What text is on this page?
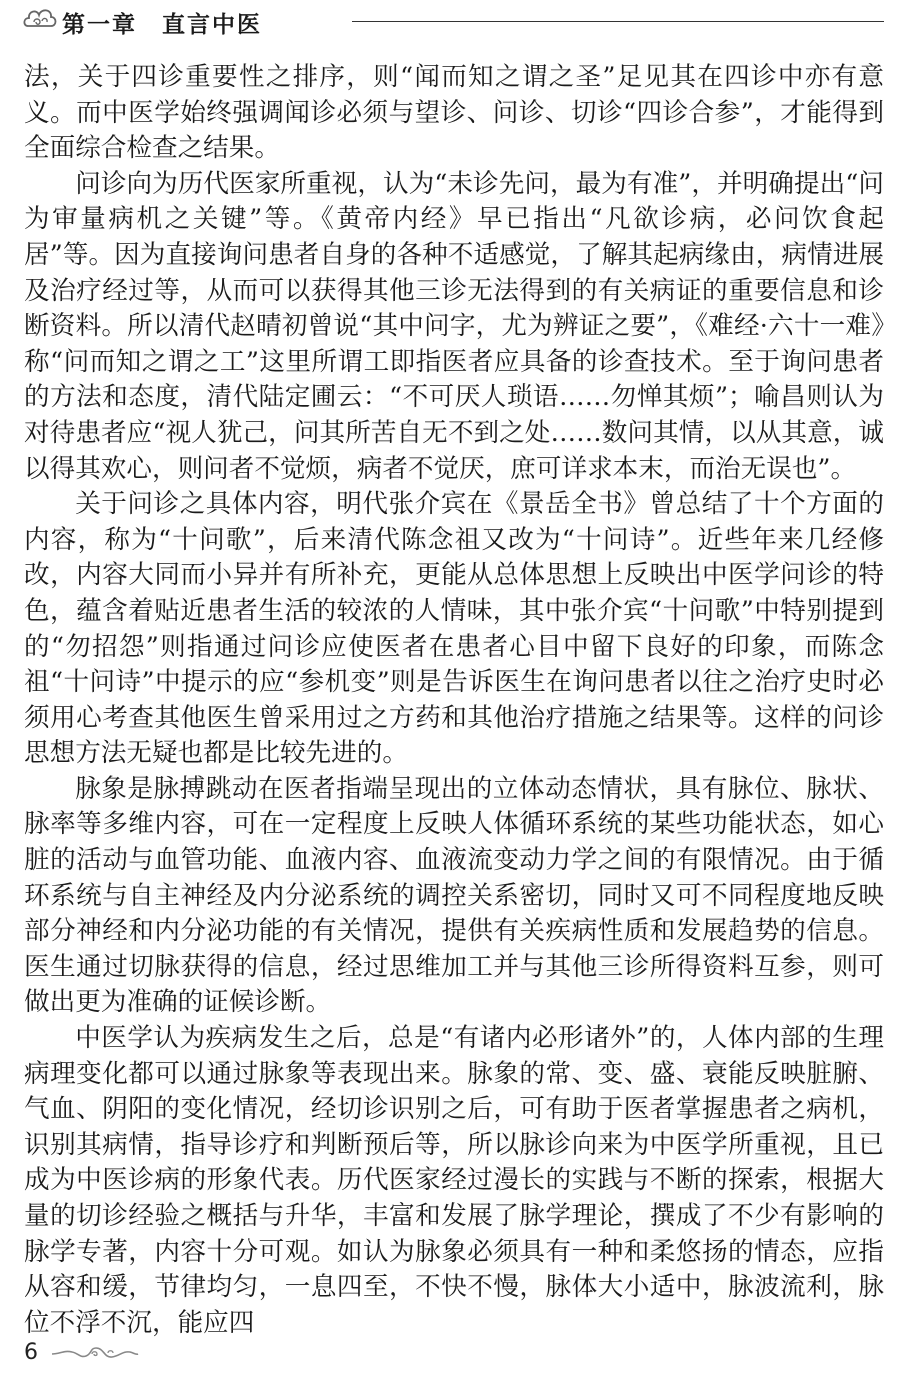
第一章　直言中医

法，关于四诊重要性之排序，则“闻而知之谓之圣”足见其在四诊中亦有意义。而中医学始终强调闻诊必须与望诊、问诊、切诊“四诊合参”，才能得到全面综合检查之结果。

问诊向为历代医家所重视，认为“未诊先问，最为有准”，并明确提出“问为审量病机之关键”等。《黄帝内经》早已指出“凡欲诊病，必问饮食起居”等。因为直接询问患者自身的各种不适感觉，了解其起病缘由，病情进展及治疗经过等，从而可以获得其他三诊无法得到的有关病证的重要信息和诊断资料。所以清代赵晴初曾说“其中问字，尤为辨证之要”，《难经·六十一难》称“问而知之谓之工”这里所谓工即指医者应具备的诊查技术。至于询问患者的方法和态度，清代陆定圃云：“不可厌人琐语……勿惮其烦”；喻昌则认为对待患者应“视人犹己，问其所苦自无不到之处……数问其情，以从其意，诚以得其欢心，则问者不觉烦，病者不觉厌，庶可详求本末，而治无误也”。

关于问诊之具体内容，明代张介宾在《景岳全书》曾总结了十个方面的内容，称为“十问歌”，后来清代陈念祖又改为“十问诗”。近些年来几经修改，内容大同而小异并有所补充，更能从总体思想上反映出中医学问诊的特色，蕴含着贴近患者生活的较浓的人情味，其中张介宾“十问歌”中特别提到的“勿招怨”则指通过问诊应使医者在患者心目中留下良好的印象，而陈念祖“十问诗”中提示的应“参机变”则是告诉医生在询问患者以往之治疗史时必须用心考查其他医生曾采用过之方药和其他治疗措施之结果等。这样的问诊思想方法无疑也都是比较先进的。

脉象是脉搏跳动在医者指端呈现出的立体动态情状，具有脉位、脉状、脉率等多维内容，可在一定程度上反映人体循环系统的某些功能状态，如心脏的活动与血管功能、血液内容、血液流变动力学之间的有限情况。由于循环系统与自主神经及内分泌系统的调控关系密切，同时又可不同程度地反映部分神经和内分泌功能的有关情况，提供有关疾病性质和发展趋势的信息。医生通过切脉获得的信息，经过思维加工并与其他三诊所得资料互参，则可做出更为准确的证候诊断。

中医学认为疾病发生之后，总是“有诸内必形诸外”的，人体内部的生理病理变化都可以通过脉象等表现出来。脉象的常、变、盛、衰能反映脏腑、气血、阴阳的变化情况，经切诊识别之后，可有助于医者掌握患者之病机，识别其病情，指导诊疗和判断预后等，所以脉诊向来为中医学所重视，且已成为中医诊病的形象代表。历代医家经过漫长的实践与不断的探索，根据大量的切诊经验之概括与升华，丰富和发展了脉学理论，撰成了不少有影响的脉学专著，内容十分可观。如认为脉象必须具有一种和柔悠扬的情态，应指从容和缓，节律均匀，一息四至，不快不慢，脉体大小适中，脉波流利，脉位不浮不沉，能应四

6
